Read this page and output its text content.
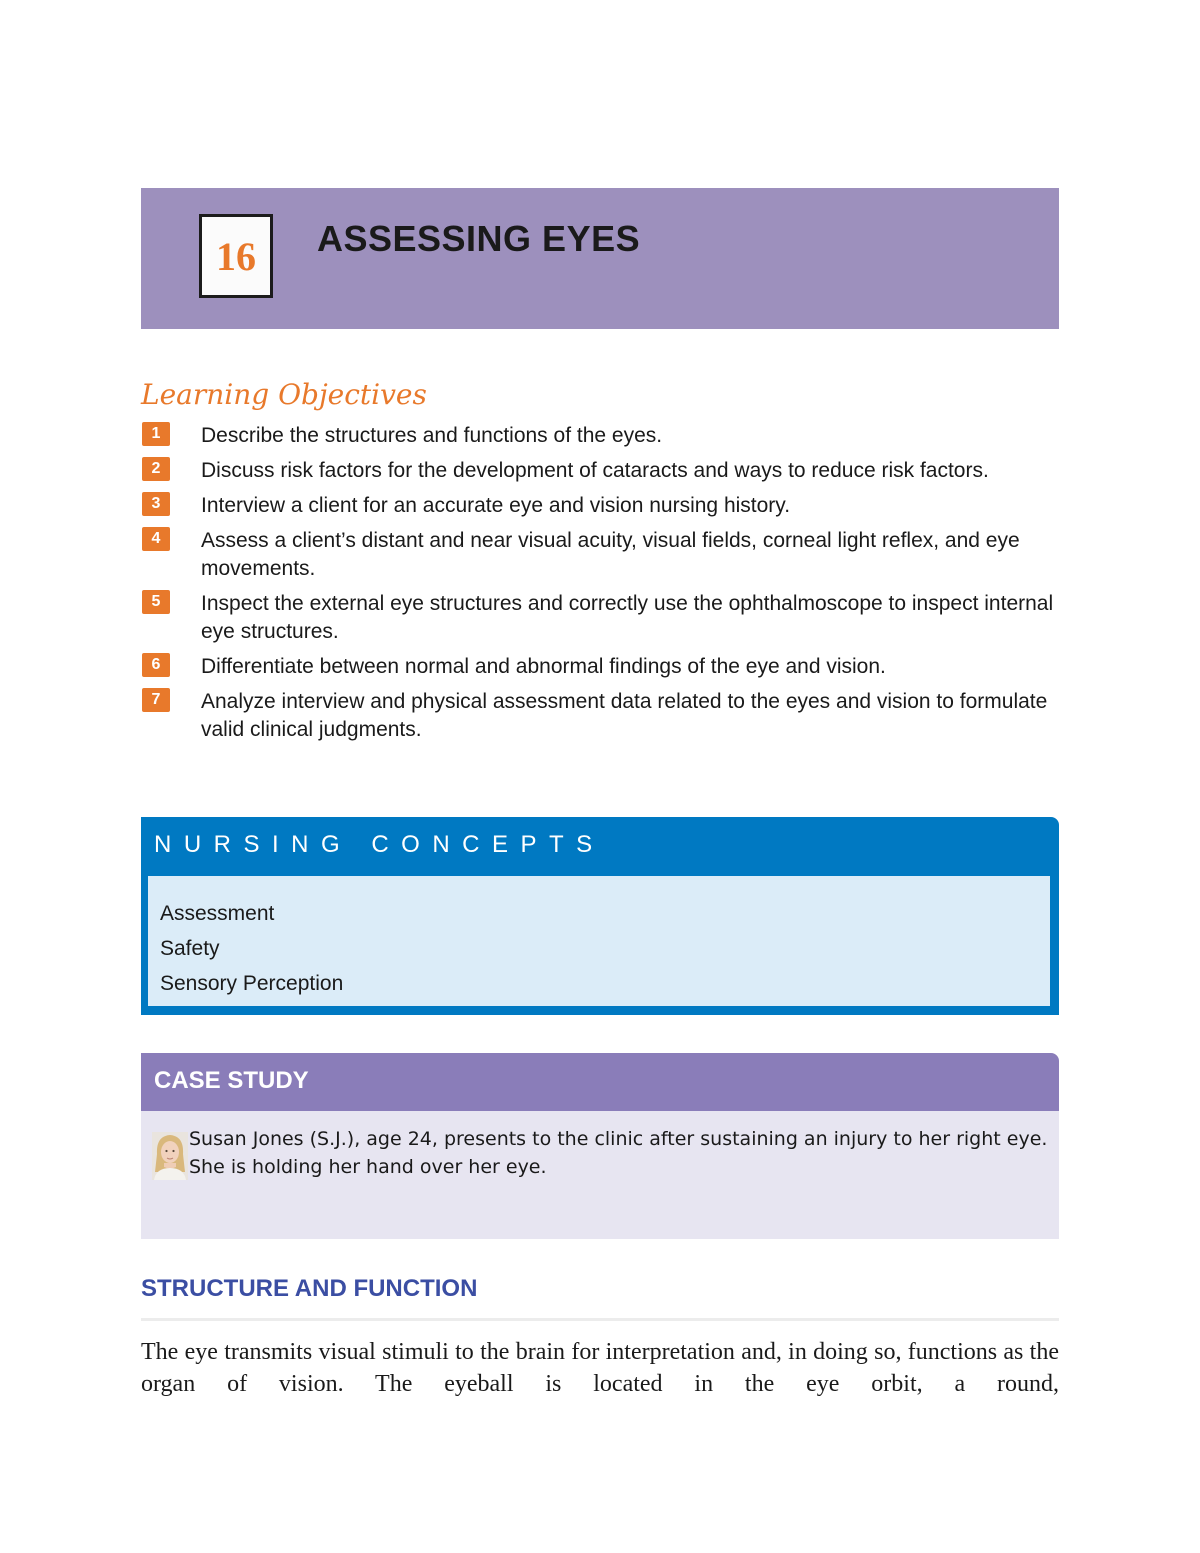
16	ASSESSING EYES
Learning Objectives
1	Describe the structures and functions of the eyes.
2	Discuss risk factors for the development of cataracts and ways to reduce risk factors.
3	Interview a client for an accurate eye and vision nursing history.
4	Assess a client’s distant and near visual acuity, visual fields, corneal light reflex, and eye movements.
5	Inspect the external eye structures and correctly use the ophthalmoscope to inspect internal eye structures.
6	Differentiate between normal and abnormal findings of the eye and vision.
7	Analyze interview and physical assessment data related to the eyes and vision to formulate valid clinical judgments.
NURSING CONCEPTS
Assessment
Safety
Sensory Perception
CASE STUDY

Susan Jones (S.J.), age 24, presents to the clinic after sustaining an injury to her right eye. She is holding her hand over her eye.

STRUCTURE AND FUNCTION

The eye transmits visual stimuli to the brain for interpretation and, in doing so, functions as the organ of vision. The eyeball is located in the eye orbit, a round,
